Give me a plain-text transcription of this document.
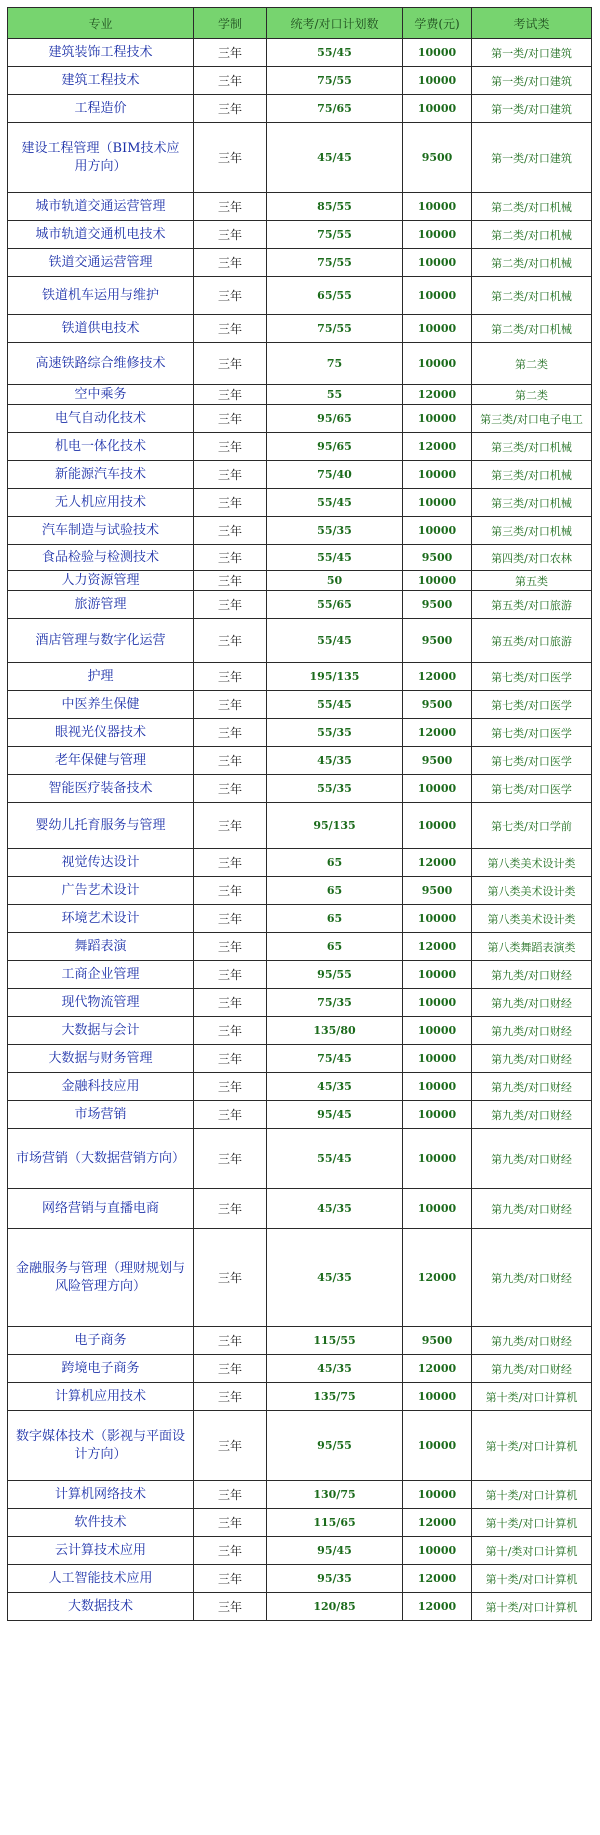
专业	学制	统考/对口计划数	学费(元)	考试类
建筑装饰工程技术	三年	55/45	10000	第一类/对口建筑
建筑工程技术	三年	75/55	10000	第一类/对口建筑
工程造价	三年	75/65	10000	第一类/对口建筑
建设工程管理（BIM技术应用方向）	三年	45/45	9500	第一类/对口建筑
城市轨道交通运营管理	三年	85/55	10000	第二类/对口机械
城市轨道交通机电技术	三年	75/55	10000	第二类/对口机械
铁道交通运营管理	三年	75/55	10000	第二类/对口机械
铁道机车运用与维护	三年	65/55	10000	第二类/对口机械
铁道供电技术	三年	75/55	10000	第二类/对口机械
高速铁路综合维修技术	三年	75	10000	第二类
空中乘务	三年	55	12000	第二类
电气自动化技术	三年	95/65	10000	第三类/对口电子电工
机电一体化技术	三年	95/65	12000	第三类/对口机械
新能源汽车技术	三年	75/40	10000	第三类/对口机械
无人机应用技术	三年	55/45	10000	第三类/对口机械
汽车制造与试验技术	三年	55/35	10000	第三类/对口机械
食品检验与检测技术	三年	55/45	9500	第四类/对口农林
人力资源管理	三年	50	10000	第五类
旅游管理	三年	55/65	9500	第五类/对口旅游
酒店管理与数字化运营	三年	55/45	9500	第五类/对口旅游
护理	三年	195/135	12000	第七类/对口医学
中医养生保健	三年	55/45	9500	第七类/对口医学
眼视光仪器技术	三年	55/35	12000	第七类/对口医学
老年保健与管理	三年	45/35	9500	第七类/对口医学
智能医疗装备技术	三年	55/35	10000	第七类/对口医学
婴幼儿托育服务与管理	三年	95/135	10000	第七类/对口学前
视觉传达设计	三年	65	12000	第八类美术设计类
广告艺术设计	三年	65	9500	第八类美术设计类
环境艺术设计	三年	65	10000	第八类美术设计类
舞蹈表演	三年	65	12000	第八类舞蹈表演类
工商企业管理	三年	95/55	10000	第九类/对口财经
现代物流管理	三年	75/35	10000	第九类/对口财经
大数据与会计	三年	135/80	10000	第九类/对口财经
大数据与财务管理	三年	75/45	10000	第九类/对口财经
金融科技应用	三年	45/35	10000	第九类/对口财经
市场营销	三年	95/45	10000	第九类/对口财经
市场营销（大数据营销方向）	三年	55/45	10000	第九类/对口财经
网络营销与直播电商	三年	45/35	10000	第九类/对口财经
金融服务与管理（理财规划与风险管理方向）	三年	45/35	12000	第九类/对口财经
电子商务	三年	115/55	9500	第九类/对口财经
跨境电子商务	三年	45/35	12000	第九类/对口财经
计算机应用技术	三年	135/75	10000	第十类/对口计算机
数字媒体技术（影视与平面设计方向）	三年	95/55	10000	第十类/对口计算机
计算机网络技术	三年	130/75	10000	第十类/对口计算机
软件技术	三年	115/65	12000	第十类/对口计算机
云计算技术应用	三年	95/45	10000	第十/类对口计算机
人工智能技术应用	三年	95/35	12000	第十类/对口计算机
大数据技术	三年	120/85	12000	第十类/对口计算机
